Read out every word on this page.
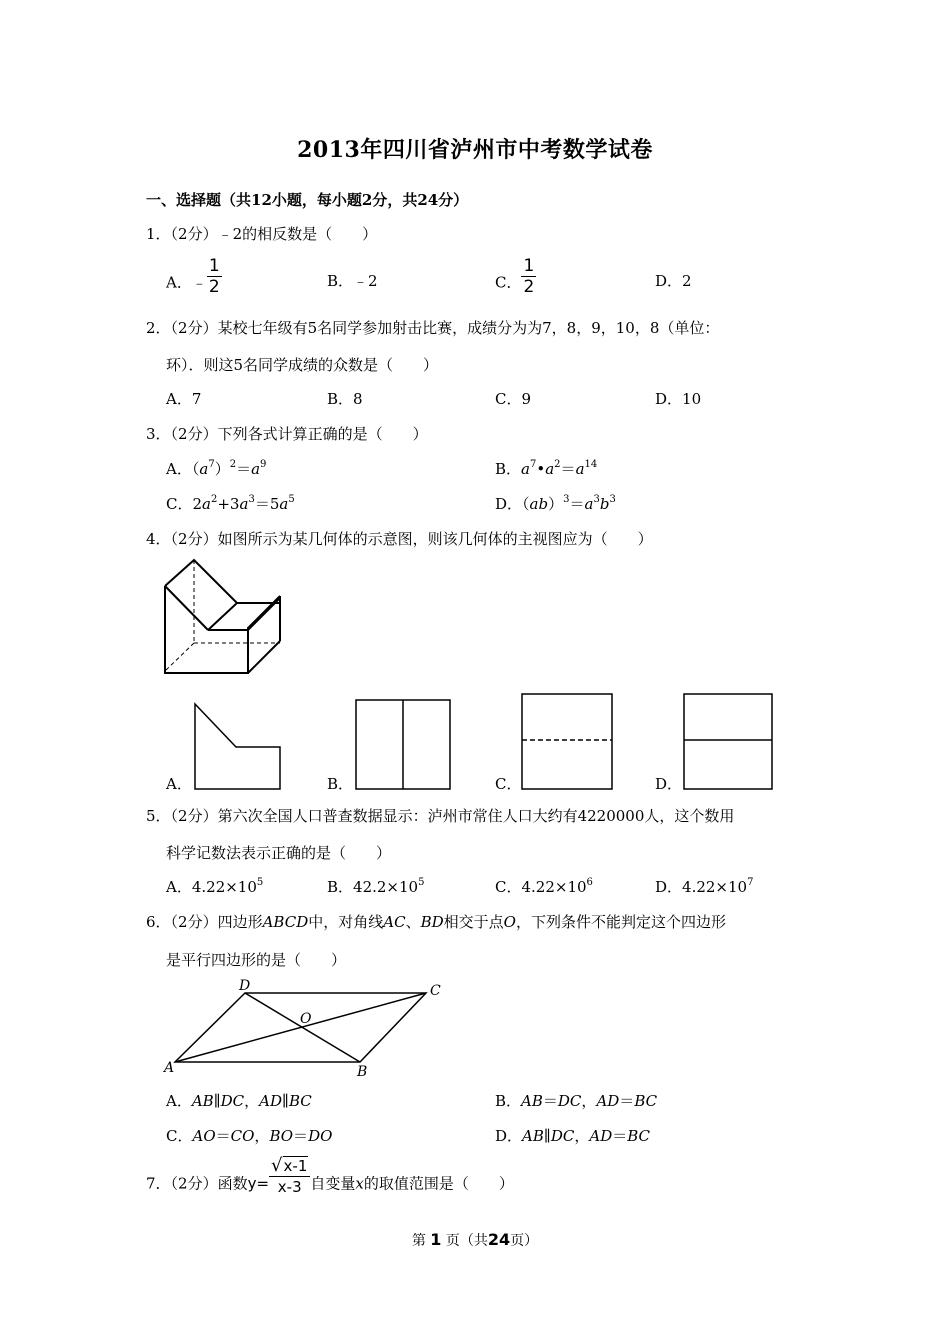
2013年四川省泸州市中考数学试卷
一、选择题（共12小题，每小题2分，共24分）
1．（2分）﹣2的相反数是（　　）
A．﹣ $\frac{1}{2}$	B．﹣2	C． $\frac{1}{2}$	D．2
2．（2分）某校七年级有5名同学参加射击比赛，成绩分为为7，8，9，10，8（单位：
环）．则这5名同学成绩的众数是（　　）
A．7	B．8	C．9	D．10
3．（2分）下列各式计算正确的是（　　）
A．$(a^7)^2=a^9$	B．$a^7•a^2=a^{14}$
C．$2a^2+3a^3=5a^5$	D．$(ab)^3=a^3b^3$
4．（2分）如图所示为某几何体的示意图，则该几何体的主视图应为（　　）
A．	B．	C．	D．
5．（2分）第六次全国人口普查数据显示：泸州市常住人口大约有4220000人，这个数用
科学记数法表示正确的是（　　）
A．$4.22\times 10^5$	B．$42.2\times 10^5$	C．$4.22\times 10^6$	D．$4.22\times 10^7$
6．（2分）四边形ABCD中，对角线AC、BD相交于点O，下列条件不能判定这个四边形
是平行四边形的是（　　）
A	B
C
D
O
A．AB∥DC，AD∥BC	B．AB＝DC，AD＝BC
C．AO＝CO，BO＝DO	D．AB∥DC，AD＝BC
7．（2分）函数$y= \frac{√x-1}{x-3}$ 自变量x的取值范围是（　　）
第 1 页（共24页）
